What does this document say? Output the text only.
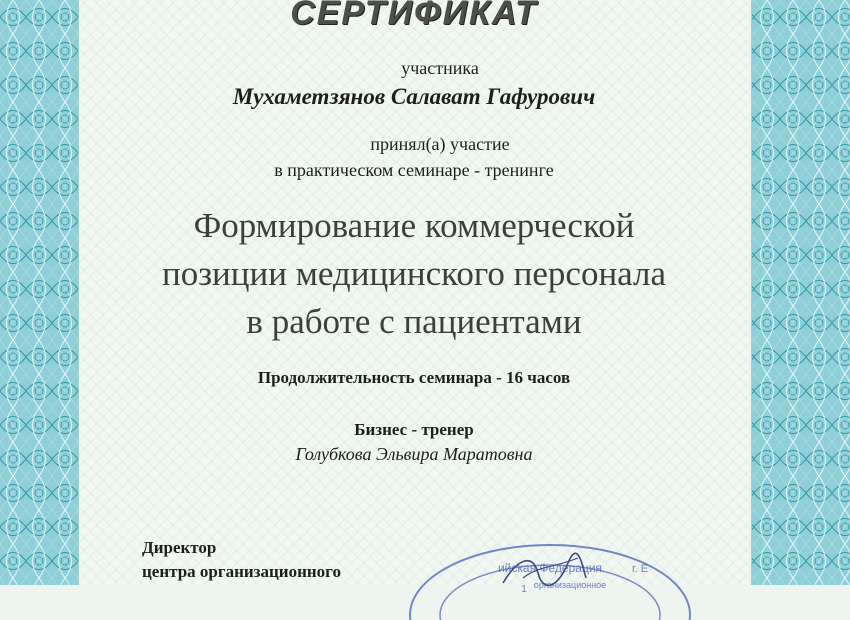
СЕРТИФИКАТ
участника
Мухаметзянов Салават Гафурович
принял(а) участие
в практическом семинаре - тренинге
Формирование коммерческой
позиции медицинского персонала
в работе с пациентами
Продолжительность семинара - 16 часов
Бизнес - тренер
Голубкова Эльвира Маратовна
Директор
центра организационного	ийская Федерация	г. Е
организационное
1
